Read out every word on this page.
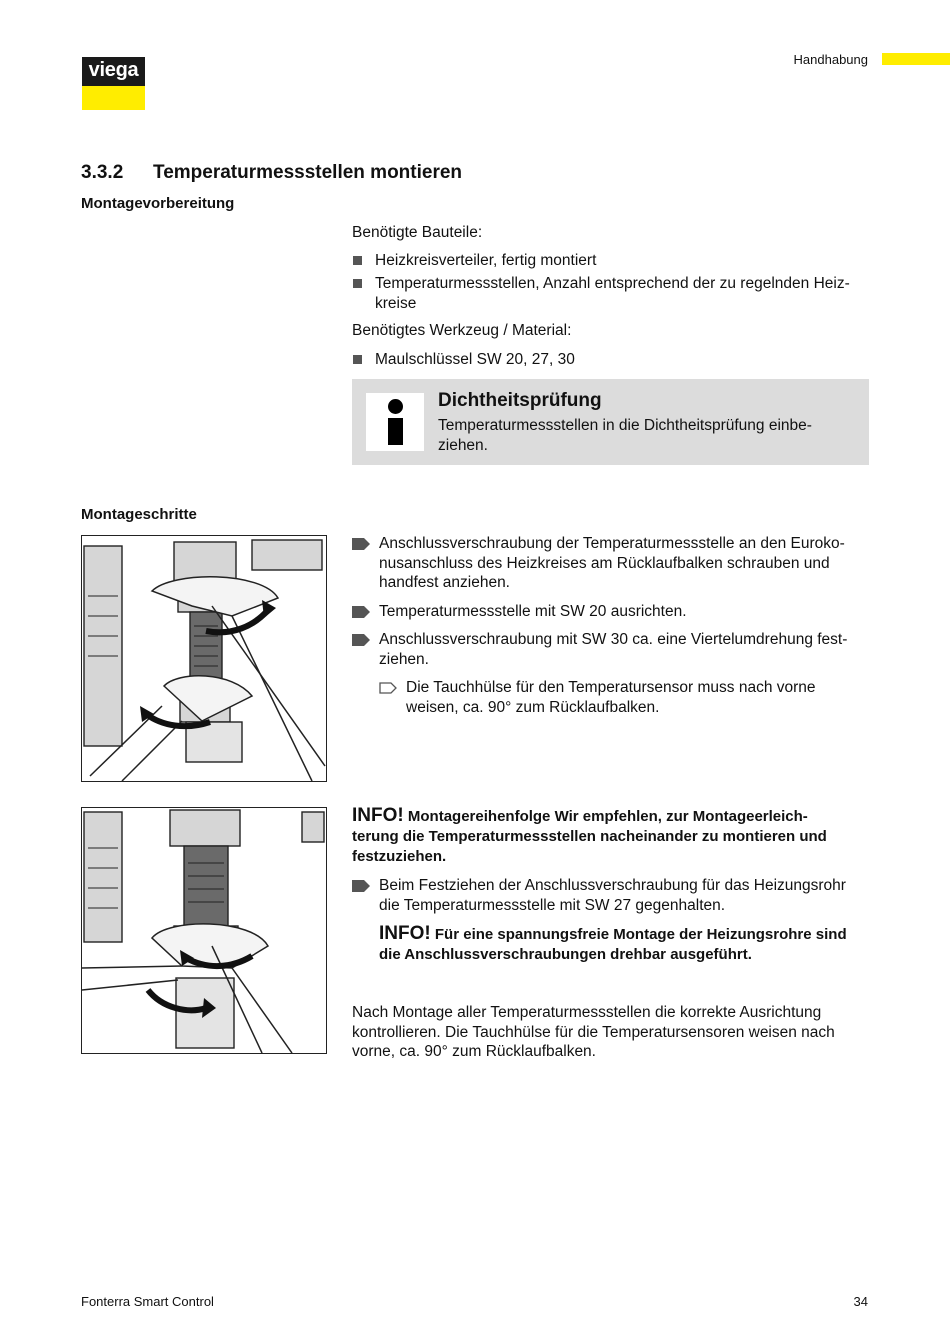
viega	Handhabung
3.3.2 Temperaturmessstellen montieren
Montagevorbereitung
Benötigte Bauteile:
Heizkreisverteiler, fertig montiert
Temperaturmessstellen, Anzahl entsprechend der zu regelnden Heiz-kreise
Benötigtes Werkzeug / Material:
Maulschlüssel SW 20, 27, 30
Dichtheitsprüfung
Temperaturmessstellen in die Dichtheitsprüfung einbe-ziehen.
Montageschritte
Anschlussverschraubung der Temperaturmessstelle an den Euroko-nusanschluss des Heizkreises am Rücklaufbalken schrauben und handfest anziehen.
Temperaturmessstelle mit SW 20 ausrichten.
Anschlussverschraubung mit SW 30 ca. eine Viertelumdrehung fest-ziehen.
Die Tauchhülse für den Temperatursensor muss nach vorne weisen, ca. 90° zum Rücklaufbalken.
INFO! Montagereihenfolge Wir empfehlen, zur Montageerleich-terung die Temperaturmessstellen nacheinander zu montieren und festzuziehen.
Beim Festziehen der Anschlussverschraubung für das Heizungsrohr die Temperaturmessstelle mit SW 27 gegenhalten.
INFO! Für eine spannungsfreie Montage der Heizungsrohre sind die Anschlussverschraubungen drehbar ausgeführt.
Nach Montage aller Temperaturmessstellen die korrekte Ausrichtung kontrollieren. Die Tauchhülse für die Temperatursensoren weisen nach vorne, ca. 90° zum Rücklaufbalken.
Fonterra Smart Control	34
